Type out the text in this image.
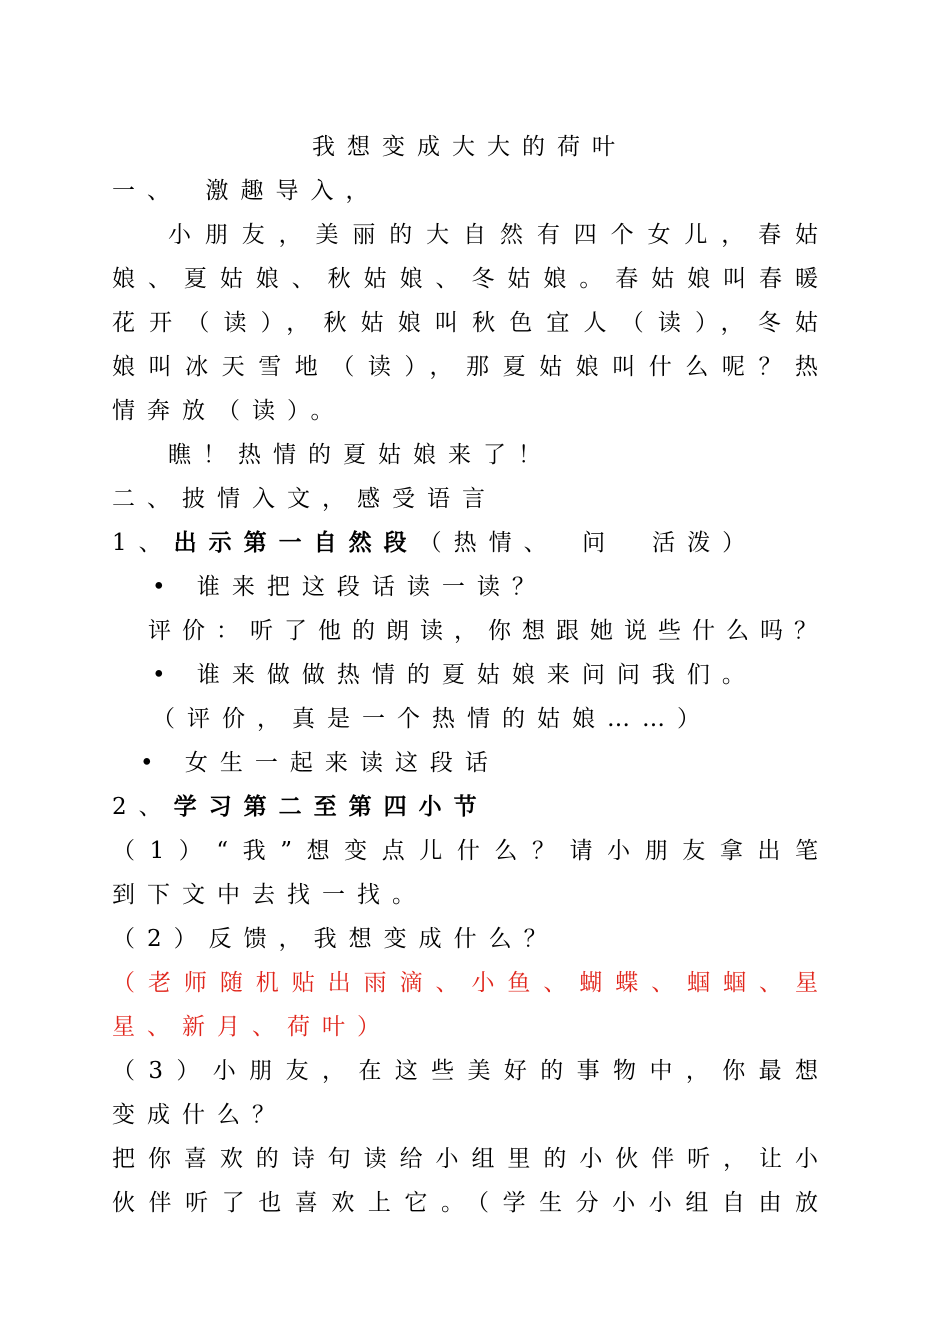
我想变成大大的荷叶
一、　激趣导入，
小朋友，美丽的大自然有四个女儿，春姑
娘、夏姑娘、秋姑娘、冬姑娘。春姑娘叫春暖
花开（读），秋姑娘叫秋色宜人（读），冬姑
娘叫冰天雪地（读），那夏姑娘叫什么呢？热
情奔放（读）。
瞧！热情的夏姑娘来了！
二、披情入文，感受语言
1、出示第一自然段（热情、　问　活泼）
• 谁来把这段话读一读？
评价：听了他的朗读，你想跟她说些什么吗？
• 谁来做做热情的夏姑娘来问问我们。
（评价，真是一个热情的姑娘……）
• 女生一起来读这段话
2、学习第二至第四小节
（1）“我”想变点儿什么？请小朋友拿出笔
到下文中去找一找。
（2）反馈，我想变成什么？
（老师随机贴出雨滴、小鱼、蝴蝶、蝈蝈、星
星、新月、荷叶）
（3）小朋友，在这些美好的事物中，你最想
变成什么？
把你喜欢的诗句读给小组里的小伙伴听，让小
伙伴听了也喜欢上它。（学生分小小组自由放
